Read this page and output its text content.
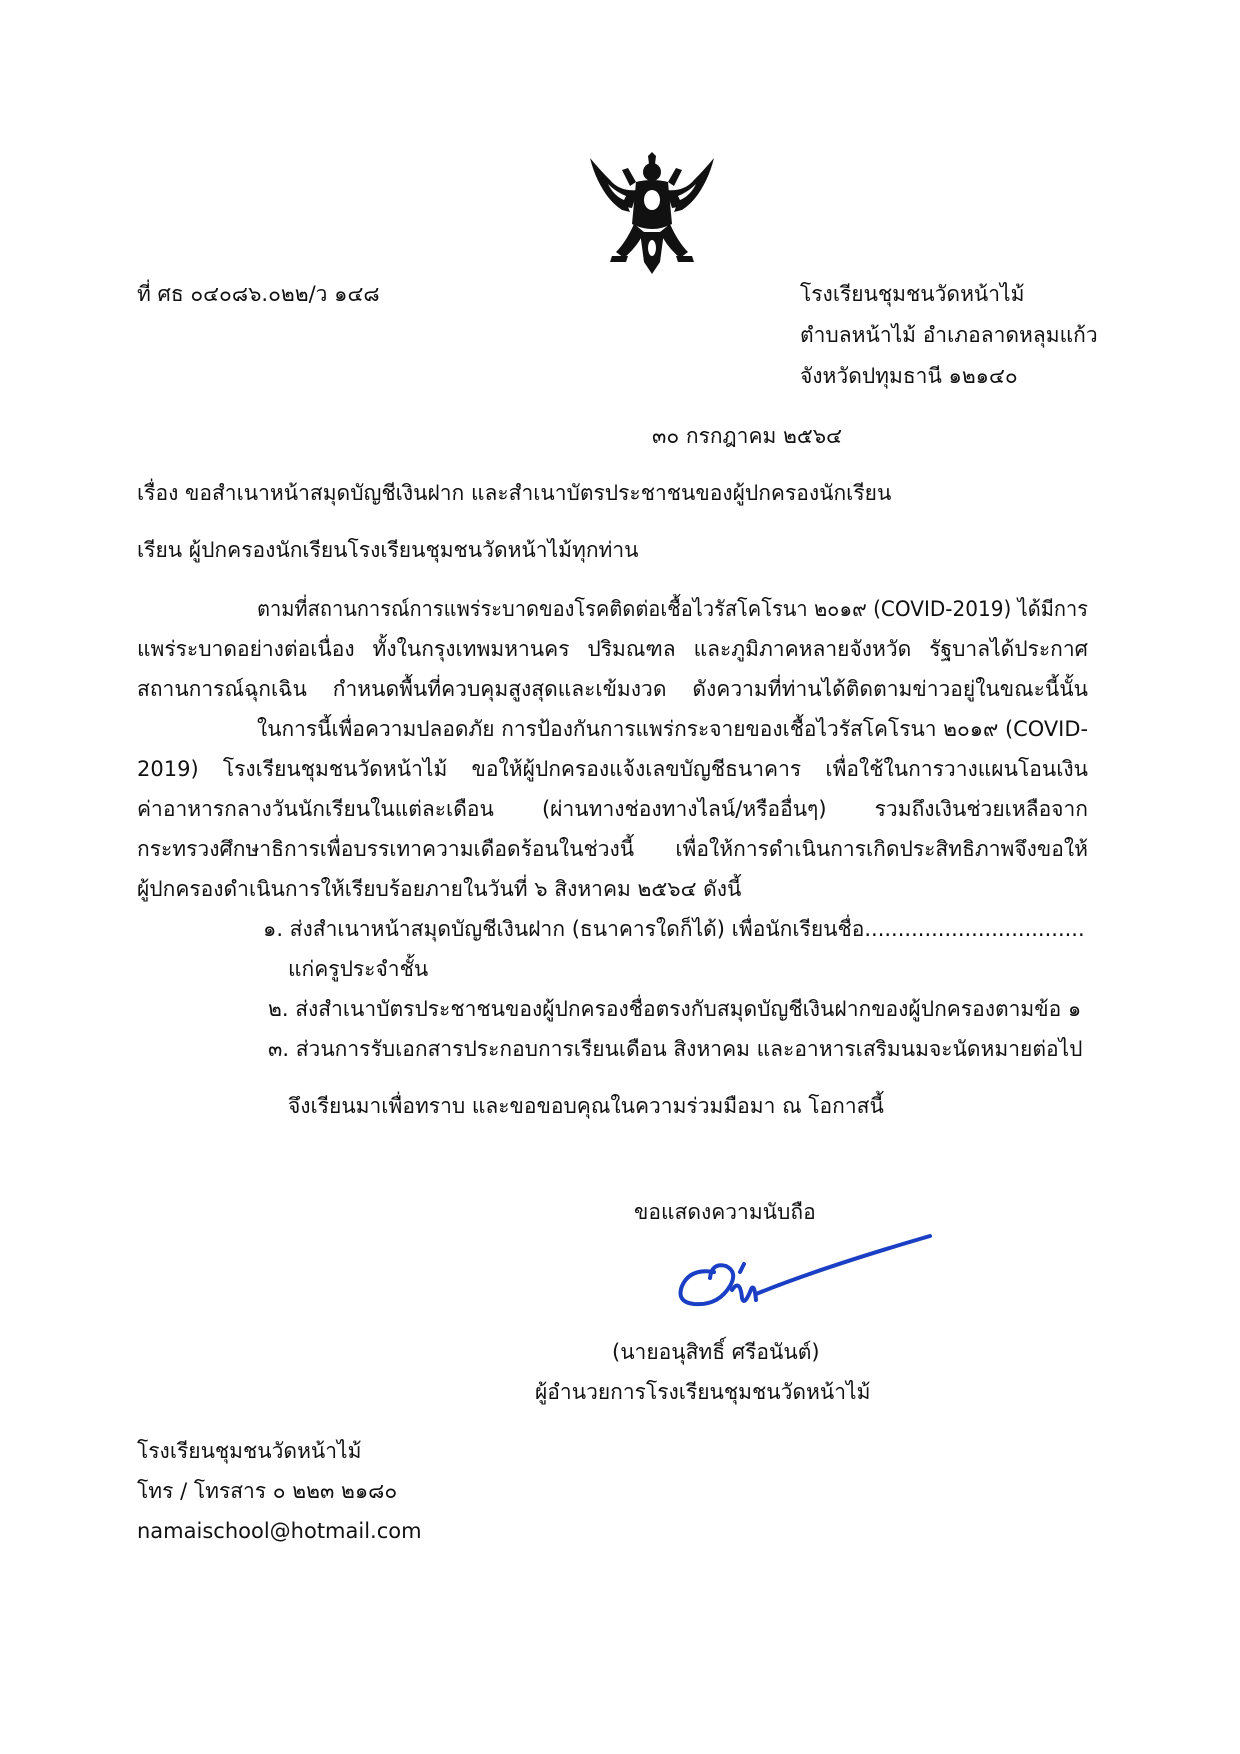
ที่ ศธ ๐๔๐๘๖.๐๒๒/ว ๑๔๘	โรงเรียนชุมชนวัดหน้าไม้
ตำบลหน้าไม้ อำเภอลาดหลุมแก้ว
จังหวัดปทุมธานี ๑๒๑๔๐
๓๐ กรกฎาคม ๒๕๖๔
เรื่อง ขอสำเนาหน้าสมุดบัญชีเงินฝาก และสำเนาบัตรประชาชนของผู้ปกครองนักเรียน
เรียน ผู้ปกครองนักเรียนโรงเรียนชุมชนวัดหน้าไม้ทุกท่าน
ตามที่สถานการณ์การแพร่ระบาดของโรคติดต่อเชื้อไวรัสโคโรนา ๒๐๑๙ (COVID-2019) ได้มีการ
แพร่ระบาดอย่างต่อเนื่อง ทั้งในกรุงเทพมหานคร ปริมณฑล และภูมิภาคหลายจังหวัด รัฐบาลได้ประกาศ
สถานการณ์ฉุกเฉิน กำหนดพื้นที่ควบคุมสูงสุดและเข้มงวด ดังความที่ท่านได้ติดตามข่าวอยู่ในขณะนี้นั้น
ในการนี้เพื่อความปลอดภัย การป้องกันการแพร่กระจายของเชื้อไวรัสโคโรนา ๒๐๑๙ (COVID-
2019) โรงเรียนชุมชนวัดหน้าไม้ ขอให้ผู้ปกครองแจ้งเลขบัญชีธนาคาร เพื่อใช้ในการวางแผนโอนเงิน
ค่าอาหารกลางวันนักเรียนในแต่ละเดือน (ผ่านทางช่องทางไลน์/หรืออื่นๆ) รวมถึงเงินช่วยเหลือจาก
กระทรวงศึกษาธิการเพื่อบรรเทาความเดือดร้อนในช่วงนี้ เพื่อให้การดำเนินการเกิดประสิทธิภาพจึงขอให้
ผู้ปกครองดำเนินการให้เรียบร้อยภายในวันที่ ๖ สิงหาคม ๒๕๖๔ ดังนี้
๑. ส่งสำเนาหน้าสมุดบัญชีเงินฝาก (ธนาคารใดก็ได้) เพื่อนักเรียนชื่อ.................................
แก่ครูประจำชั้น
๒. ส่งสำเนาบัตรประชาชนของผู้ปกครองชื่อตรงกับสมุดบัญชีเงินฝากของผู้ปกครองตามข้อ ๑
๓. ส่วนการรับเอกสารประกอบการเรียนเดือน สิงหาคม และอาหารเสริมนมจะนัดหมายต่อไป
จึงเรียนมาเพื่อทราบ และขอขอบคุณในความร่วมมือมา ณ โอกาสนี้
ขอแสดงความนับถือ
(นายอนุสิทธิ์ ศรีอนันต์)
ผู้อำนวยการโรงเรียนชุมชนวัดหน้าไม้
โรงเรียนชุมชนวัดหน้าไม้
โทร / โทรสาร ๐ ๒๒๓ ๒๑๘๐
namaischool@hotmail.com
